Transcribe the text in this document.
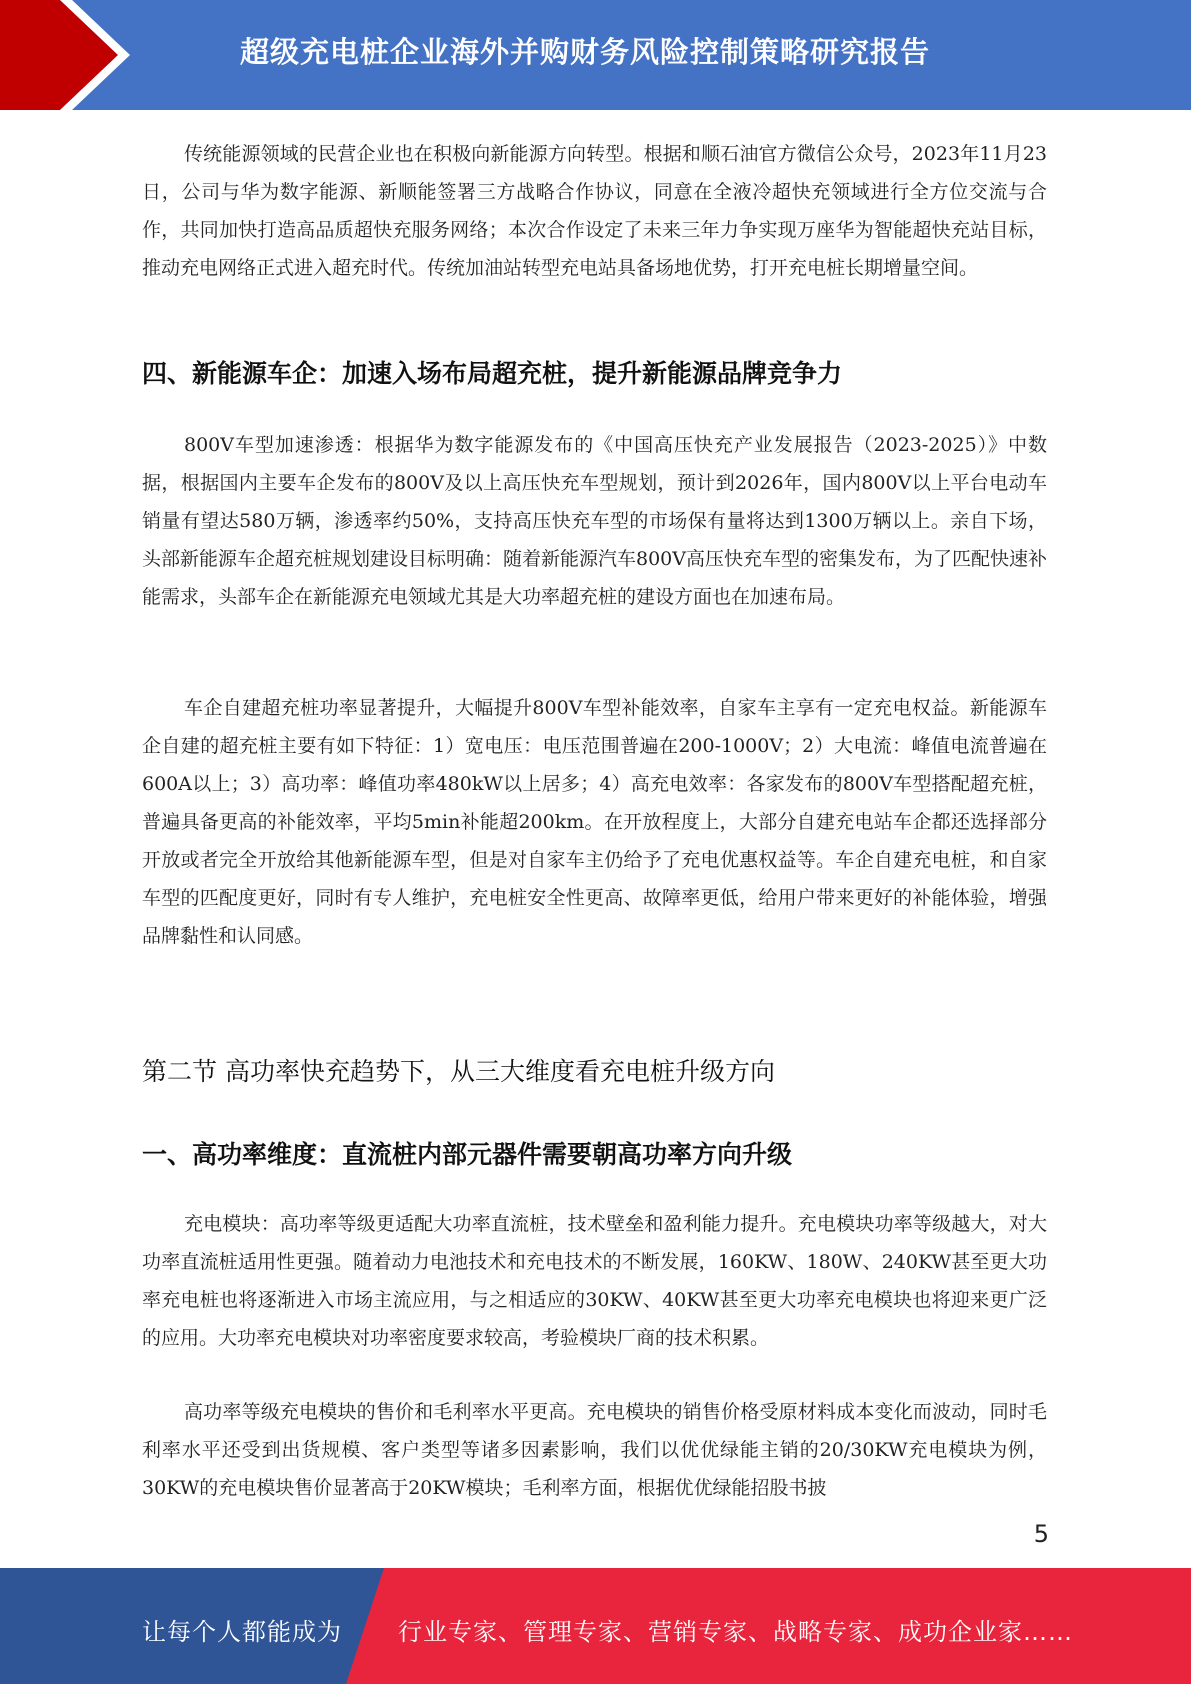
超级充电桩企业海外并购财务风险控制策略研究报告

传统能源领域的民营企业也在积极向新能源方向转型。根据和顺石油官方微信公众号，2023年11月23日，公司与华为数字能源、新顺能签署三方战略合作协议，同意在全液冷超快充领域进行全方位交流与合作，共同加快打造高品质超快充服务网络；本次合作设定了未来三年力争实现万座华为智能超快充站目标，推动充电网络正式进入超充时代。传统加油站转型充电站具备场地优势，打开充电桩长期增量空间。

四、新能源车企：加速入场布局超充桩，提升新能源品牌竞争力

800V车型加速渗透：根据华为数字能源发布的《中国高压快充产业发展报告（2023-2025）》中数据，根据国内主要车企发布的800V及以上高压快充车型规划，预计到2026年，国内800V以上平台电动车销量有望达580万辆，渗透率约50%，支持高压快充车型的市场保有量将达到1300万辆以上。亲自下场，头部新能源车企超充桩规划建设目标明确：随着新能源汽车800V高压快充车型的密集发布，为了匹配快速补能需求，头部车企在新能源充电领域尤其是大功率超充桩的建设方面也在加速布局。

车企自建超充桩功率显著提升，大幅提升800V车型补能效率，自家车主享有一定充电权益。新能源车企自建的超充桩主要有如下特征：1）宽电压：电压范围普遍在200-1000V；2）大电流：峰值电流普遍在600A以上；3）高功率：峰值功率480kW以上居多；4）高充电效率：各家发布的800V车型搭配超充桩，普遍具备更高的补能效率，平均5min补能超200km。在开放程度上，大部分自建充电站车企都还选择部分开放或者完全开放给其他新能源车型，但是对自家车主仍给予了充电优惠权益等。车企自建充电桩，和自家车型的匹配度更好，同时有专人维护，充电桩安全性更高、故障率更低，给用户带来更好的补能体验，增强品牌黏性和认同感。

第二节 高功率快充趋势下，从三大维度看充电桩升级方向
一、高功率维度：直流桩内部元器件需要朝高功率方向升级

充电模块：高功率等级更适配大功率直流桩，技术壁垒和盈利能力提升。充电模块功率等级越大，对大功率直流桩适用性更强。随着动力电池技术和充电技术的不断发展，160KW、180W、240KW甚至更大功率充电桩也将逐渐进入市场主流应用，与之相适应的30KW、40KW甚至更大功率充电模块也将迎来更广泛的应用。大功率充电模块对功率密度要求较高，考验模块厂商的技术积累。

高功率等级充电模块的售价和毛利率水平更高。充电模块的销售价格受原材料成本变化而波动，同时毛利率水平还受到出货规模、客户类型等诸多因素影响，我们以优优绿能主销的20/30KW充电模块为例，30KW的充电模块售价显著高于20KW模块；毛利率方面，根据优优绿能招股书披

5
让每个人都能成为 行业专家、管理专家、营销专家、战略专家、成功企业家……
